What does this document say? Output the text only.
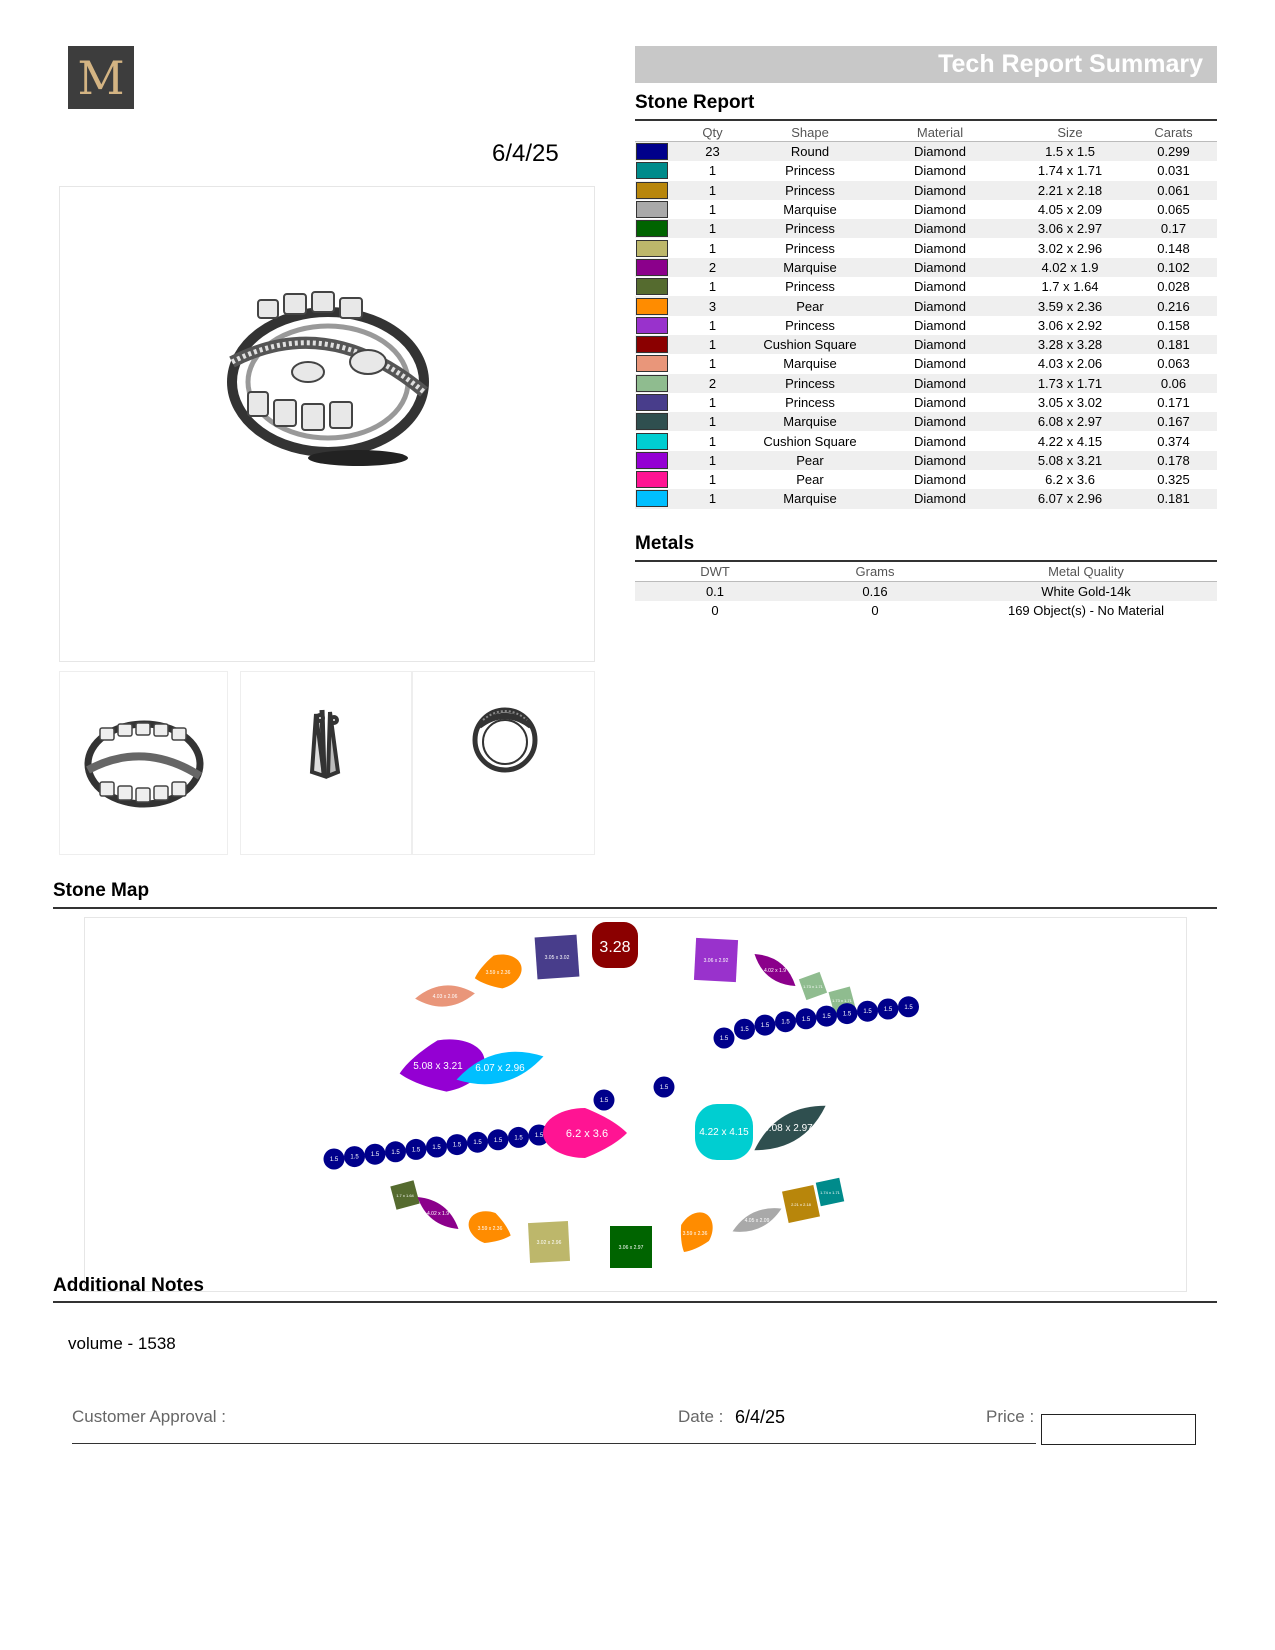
M
6/4/25
Tech Report Summary
Stone Report
	Qty	Shape	Material	Size	Carats

	23	Round	Diamond	1.5 x 1.5	0.299

	1	Princess	Diamond	1.74 x 1.71	0.031

	1	Princess	Diamond	2.21 x 2.18	0.061

	1	Marquise	Diamond	4.05 x 2.09	0.065

	1	Princess	Diamond	3.06 x 2.97	0.17

	1	Princess	Diamond	3.02 x 2.96	0.148

	2	Marquise	Diamond	4.02 x 1.9	0.102

	1	Princess	Diamond	1.7 x 1.64	0.028

	3	Pear	Diamond	3.59 x 2.36	0.216

	1	Princess	Diamond	3.06 x 2.92	0.158

	1	Cushion Square	Diamond	3.28 x 3.28	0.181

	1	Marquise	Diamond	4.03 x 2.06	0.063

	2	Princess	Diamond	1.73 x 1.71	0.06

	1	Princess	Diamond	3.05 x 3.02	0.171

	1	Marquise	Diamond	6.08 x 2.97	0.167

	1	Cushion Square	Diamond	4.22 x 4.15	0.374

	1	Pear	Diamond	5.08 x 3.21	0.178

	1	Pear	Diamond	6.2 x 3.6	0.325

	1	Marquise	Diamond	6.07 x 2.96	0.181
Metals
DWT	Grams	Metal Quality
0.1	0.16	White Gold-14k
0	0	169 Object(s) - No Material
Stone Map
4.03 x 2.06
3.59 x 2.36
3.05 x 3.02
3.28
3.06 x 2.92
4.02 x 1.9
1.73 x 1.71
1.73 x 1.71
5.08 x 3.21 6.07 x 2.96
1.5
1.5
1.5
1.5 1.5 1.5 1.5 1.5 1.5 1.5
1.5
1.5
1.5 1.5 1.5 1.5 1.5 1.5 1.5 1.5 1.5 1.5 1.5 6.2 x 3.6	4.22 x 4.15 6.08 x 2.97
1.7 x 1.64
4.02 x 1.9
3.59 x 2.36
3.02 x 2.96
3.06 x 2.97
3.59 x 2.36
4.05 x 2.09
2.21 x 2.18
1.74 x 1.71
Additional Notes
volume - 1538
Customer Approval :	Date : 6/4/25	Price :
